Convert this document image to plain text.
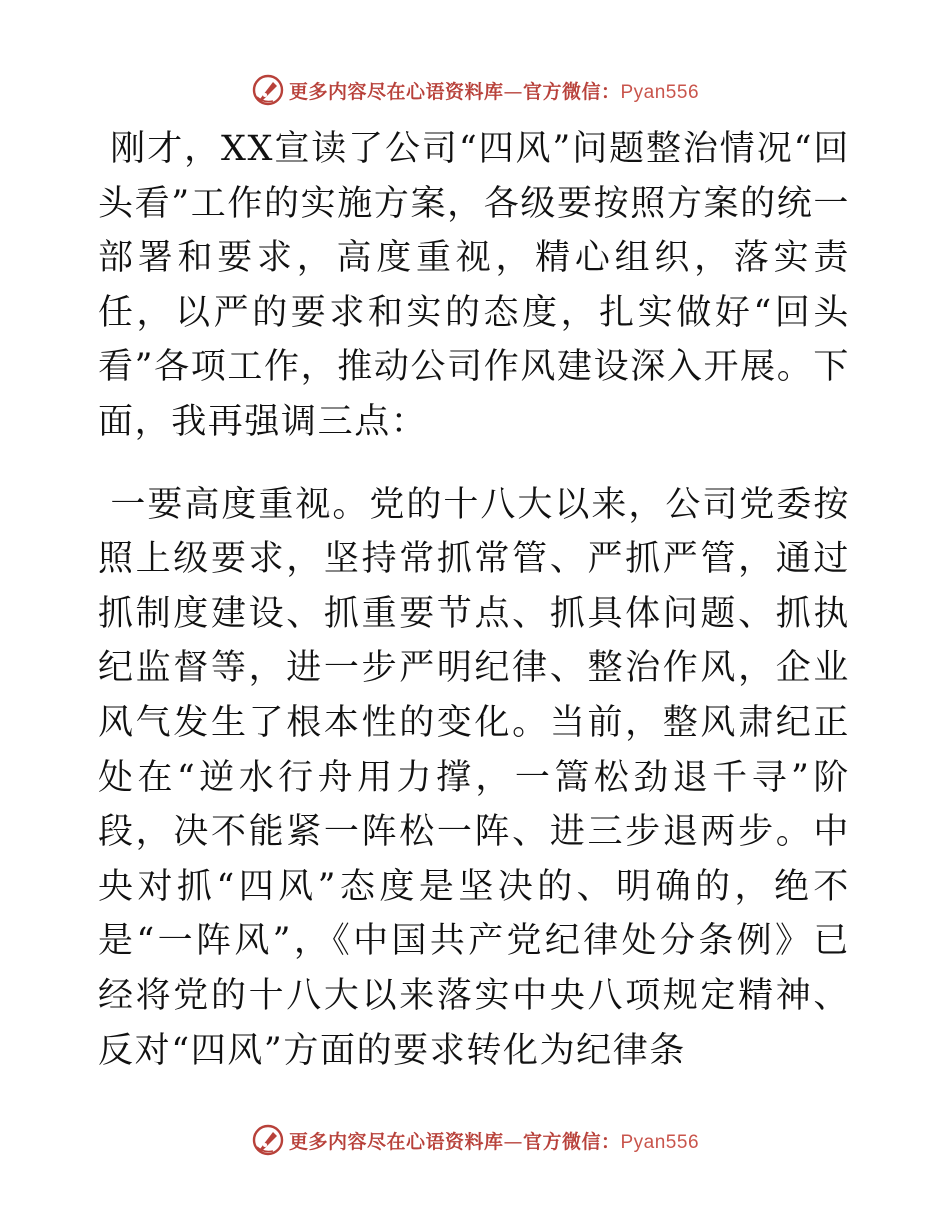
更多内容尽在心语资料库—官方微信：Pyan556

刚才，XX宣读了公司“四风”问题整治情况“回头看”工作的实施方案，各级要按照方案的统一部署和要求，高度重视，精心组织，落实责任，以严的要求和实的态度，扎实做好“回头看”各项工作，推动公司作风建设深入开展。下面，我再强调三点：

一要高度重视。党的十八大以来，公司党委按照上级要求，坚持常抓常管、严抓严管，通过抓制度建设、抓重要节点、抓具体问题、抓执纪监督等，进一步严明纪律、整治作风，企业风气发生了根本性的变化。当前，整风肃纪正处在“逆水行舟用力撑，一篙松劲退千寻”阶段，决不能紧一阵松一阵、进三步退两步。中央对抓“四风”态度是坚决的、明确的，绝不是“一阵风”，《中国共产党纪律处分条例》已经将党的十八大以来落实中央八项规定精神、反对“四风”方面的要求转化为纪律条

更多内容尽在心语资料库—官方微信：Pyan556
